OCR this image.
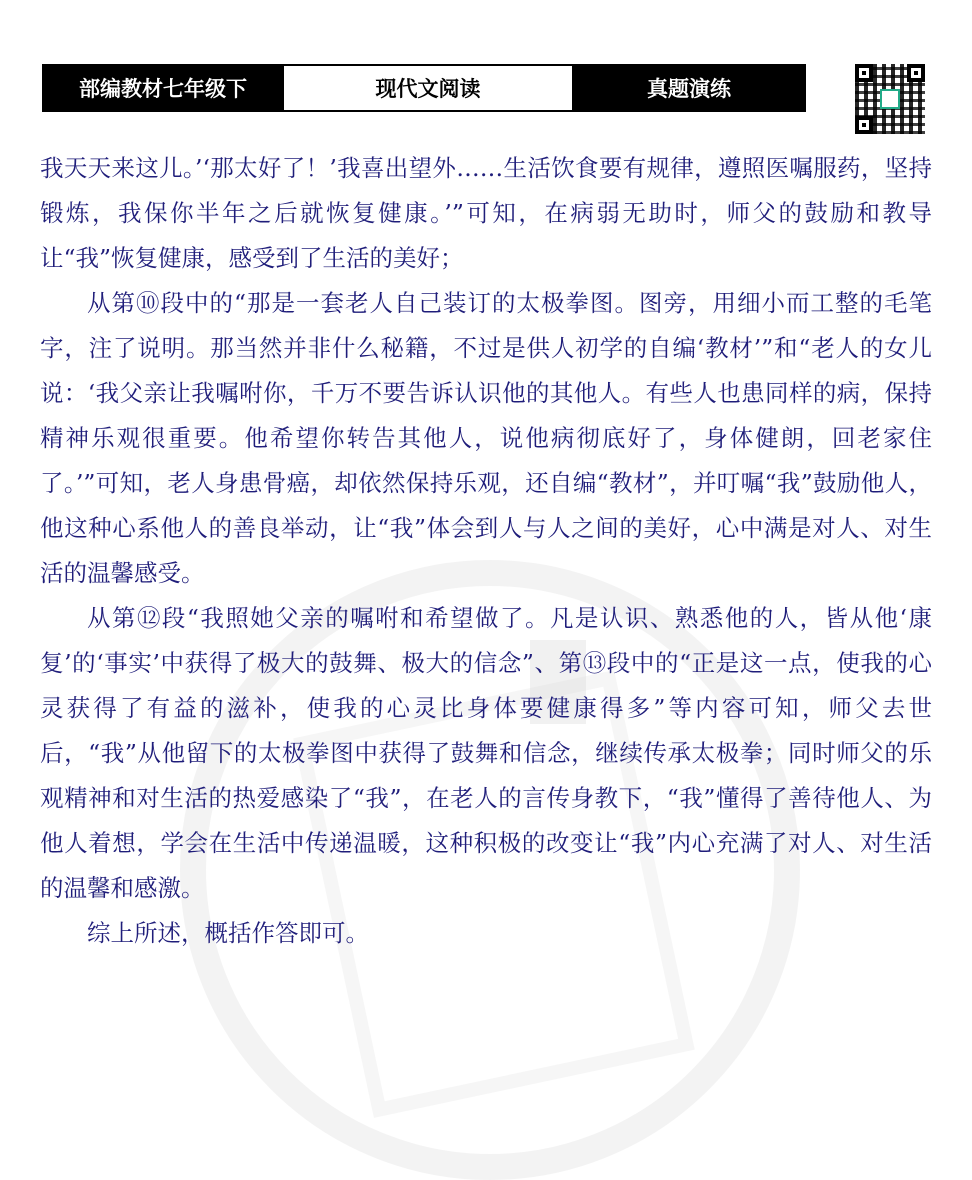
部编教材七年级下	现代文阅读	真题演练

我天天来这儿。’‘那太好了！’我喜出望外……生活饮食要有规律，遵照医嘱服药，坚持锻炼，我保你半年之后就恢复健康。’”可知，在病弱无助时，师父的鼓励和教导让“我”恢复健康，感受到了生活的美好；

从第⑩段中的“那是一套老人自己装订的太极拳图。图旁，用细小而工整的毛笔字，注了说明。那当然并非什么秘籍，不过是供人初学的自编‘教材’”和“老人的女儿说：‘我父亲让我嘱咐你，千万不要告诉认识他的其他人。有些人也患同样的病，保持精神乐观很重要。他希望你转告其他人，说他病彻底好了，身体健朗，回老家住了。’”可知，老人身患骨癌，却依然保持乐观，还自编“教材”，并叮嘱“我”鼓励他人，他这种心系他人的善良举动，让“我”体会到人与人之间的美好，心中满是对人、对生活的温馨感受。

从第⑫段“我照她父亲的嘱咐和希望做了。凡是认识、熟悉他的人，皆从他‘康复’的‘事实’中获得了极大的鼓舞、极大的信念”、第⑬段中的“正是这一点，使我的心灵获得了有益的滋补，使我的心灵比身体要健康得多”等内容可知，师父去世后，“我”从他留下的太极拳图中获得了鼓舞和信念，继续传承太极拳；同时师父的乐观精神和对生活的热爱感染了“我”，在老人的言传身教下，“我”懂得了善待他人、为他人着想，学会在生活中传递温暖，这种积极的改变让“我”内心充满了对人、对生活的温馨和感激。

综上所述，概括作答即可。
